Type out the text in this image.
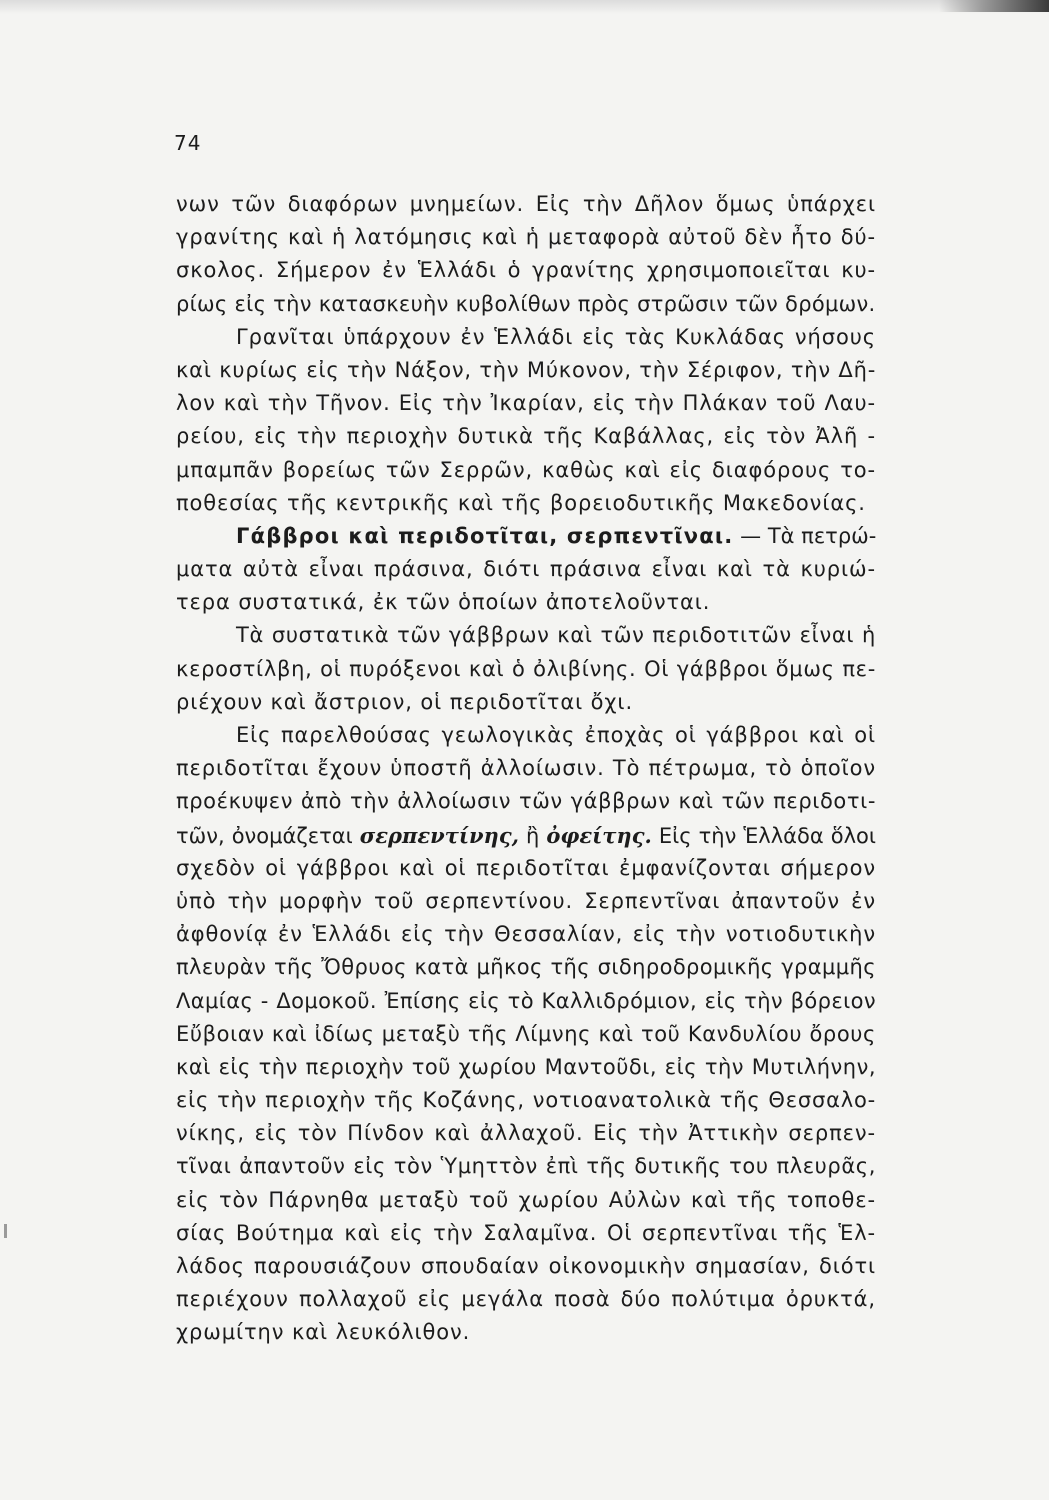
74
νων τῶν διαφόρων μνημείων. Εἰς τὴν Δῆλον ὅμως ὑπάρχει
γρανίτης καὶ ἡ λατόμησις καὶ ἡ μεταφορὰ αὐτοῦ δὲν ἦτο δύ-
σκολος. Σήμερον ἐν Ἑλλάδι ὁ γρανίτης χρησιμοποιεῖται κυ-
ρίως εἰς τὴν κατασκευὴν κυβολίθων πρὸς στρῶσιν τῶν δρόμων.
Γρανῖται ὑπάρχουν ἐν Ἑλλάδι εἰς τὰς Κυκλάδας νήσους
καὶ κυρίως εἰς τὴν Νάξον, τὴν Μύκονον, τὴν Σέριφον, τὴν Δῆ-
λον καὶ τὴν Τῆνον. Εἰς τὴν Ἰκαρίαν, εἰς τὴν Πλάκαν τοῦ Λαυ-
ρείου, εἰς τὴν περιοχὴν δυτικὰ τῆς Καβάλλας, εἰς τὸν Ἀλῆ -
μπαμπᾶν βορείως τῶν Σερρῶν, καθὼς καὶ εἰς διαφόρους το-
ποθεσίας τῆς κεντρικῆς καὶ τῆς βορειοδυτικῆς Μακεδονίας.
Γάββροι καὶ περιδοτῖται, σερπεντῖναι. — Τὰ πετρώ-
ματα αὐτὰ εἶναι πράσινα, διότι πράσινα εἶναι καὶ τὰ κυριώ-
τερα συστατικά, ἐκ τῶν ὁποίων ἀποτελοῦνται.
Τὰ συστατικὰ τῶν γάββρων καὶ τῶν περιδοτιτῶν εἶναι ἡ
κεροστίλβη, οἱ πυρόξενοι καὶ ὁ ὀλιβίνης. Οἱ γάββροι ὅμως πε-
ριέχουν καὶ ἄστριον, οἱ περιδοτῖται ὄχι.
Εἰς παρελθούσας γεωλογικὰς ἐποχὰς οἱ γάββροι καὶ οἱ
περιδοτῖται ἔχουν ὑποστῆ ἀλλοίωσιν. Τὸ πέτρωμα, τὸ ὁποῖον
προέκυψεν ἀπὸ τὴν ἀλλοίωσιν τῶν γάββρων καὶ τῶν περιδοτι-
τῶν, ὀνομάζεται σερπεντίνης, ἢ ὀφείτης. Εἰς τὴν Ἑλλάδα ὅλοι
σχεδὸν οἱ γάββροι καὶ οἱ περιδοτῖται ἐμφανίζονται σήμερον
ὑπὸ τὴν μορφὴν τοῦ σερπεντίνου. Σερπεντῖναι ἀπαντοῦν ἐν
ἀφθονίᾳ ἐν Ἑλλάδι εἰς τὴν Θεσσαλίαν, εἰς τὴν νοτιοδυτικὴν
πλευρὰν τῆς Ὄθρυος κατὰ μῆκος τῆς σιδηροδρομικῆς γραμμῆς
Λαμίας - Δομοκοῦ. Ἐπίσης εἰς τὸ Καλλιδρόμιον, εἰς τὴν βόρειον
Εὔβοιαν καὶ ἰδίως μεταξὺ τῆς Λίμνης καὶ τοῦ Κανδυλίου ὄρους
καὶ εἰς τὴν περιοχὴν τοῦ χωρίου Μαντοῦδι, εἰς τὴν Μυτιλήνην,
εἰς τὴν περιοχὴν τῆς Κοζάνης, νοτιοανατολικὰ τῆς Θεσσαλο-
νίκης, εἰς τὸν Πίνδον καὶ ἀλλαχοῦ. Εἰς τὴν Ἀττικὴν σερπεν-
τῖναι ἀπαντοῦν εἰς τὸν Ὑμηττὸν ἐπὶ τῆς δυτικῆς του πλευρᾶς,
εἰς τὸν Πάρνηθα μεταξὺ τοῦ χωρίου Αὐλὼν καὶ τῆς τοποθε-
σίας Βούτημα καὶ εἰς τὴν Σαλαμῖνα. Οἱ σερπεντῖναι τῆς Ἑλ-
λάδος παρουσιάζουν σπουδαίαν οἰκονομικὴν σημασίαν, διότι
περιέχουν πολλαχοῦ εἰς μεγάλα ποσὰ δύο πολύτιμα ὀρυκτά,
χρωμίτην καὶ λευκόλιθον.
